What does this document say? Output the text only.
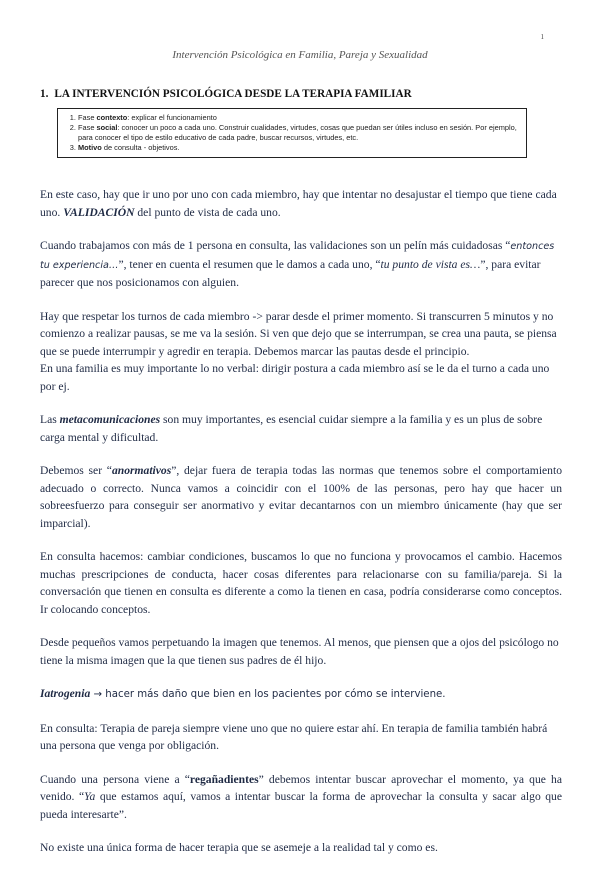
1
Intervención Psicológica en Familia, Pareja y Sexualidad
1. LA INTERVENCIÓN PSICOLÓGICA DESDE LA TERAPIA FAMILIAR
1. Fase contexto: explicar el funcionamiento
2. Fase social: conocer un poco a cada uno. Construir cualidades, virtudes, cosas que puedan ser útiles incluso en sesión. Por ejemplo, para conocer el tipo de estilo educativo de cada padre, buscar recursos, virtudes, etc.
3. Motivo de consulta - objetivos.

En este caso, hay que ir uno por uno con cada miembro, hay que intentar no desajustar el tiempo que tiene cada uno. VALIDACIÓN del punto de vista de cada uno.

Cuando trabajamos con más de 1 persona en consulta, las validaciones son un pelín más cuidadosas “entonces tu experiencia…”, tener en cuenta el resumen que le damos a cada uno, “tu punto de vista es…”, para evitar parecer que nos posicionamos con alguien.

Hay que respetar los turnos de cada miembro -> parar desde el primer momento. Si transcurren 5 minutos y no comienzo a realizar pausas, se me va la sesión. Si ven que dejo que se interrumpan, se crea una pauta, se piensa que se puede interrumpir y agredir en terapia. Debemos marcar las pautas desde el principio.

En una familia es muy importante lo no verbal: dirigir postura a cada miembro así se le da el turno a cada uno por ej.

Las metacomunicaciones son muy importantes, es esencial cuidar siempre a la familia y es un plus de sobre carga mental y dificultad.

Debemos ser “anormativos”, dejar fuera de terapia todas las normas que tenemos sobre el comportamiento adecuado o correcto. Nunca vamos a coincidir con el 100% de las personas, pero hay que hacer un sobreesfuerzo para conseguir ser anormativo y evitar decantarnos con un miembro únicamente (hay que ser imparcial).

En consulta hacemos: cambiar condiciones, buscamos lo que no funciona y provocamos el cambio. Hacemos muchas prescripciones de conducta, hacer cosas diferentes para relacionarse con su familia/pareja. Si la conversación que tienen en consulta es diferente a como la tienen en casa, podría considerarse como conceptos. Ir colocando conceptos.

Desde pequeños vamos perpetuando la imagen que tenemos. Al menos, que piensen que a ojos del psicólogo no tiene la misma imagen que la que tienen sus padres de él hijo.

Iatrogenia → hacer más daño que bien en los pacientes por cómo se interviene.

En consulta: Terapia de pareja siempre viene uno que no quiere estar ahí. En terapia de familia también habrá una persona que venga por obligación.

Cuando una persona viene a “regañadientes” debemos intentar buscar aprovechar el momento, ya que ha venido. “Ya que estamos aquí, vamos a intentar buscar la forma de aprovechar la consulta y sacar algo que pueda interesarte”.

No existe una única forma de hacer terapia que se asemeje a la realidad tal y como es.
